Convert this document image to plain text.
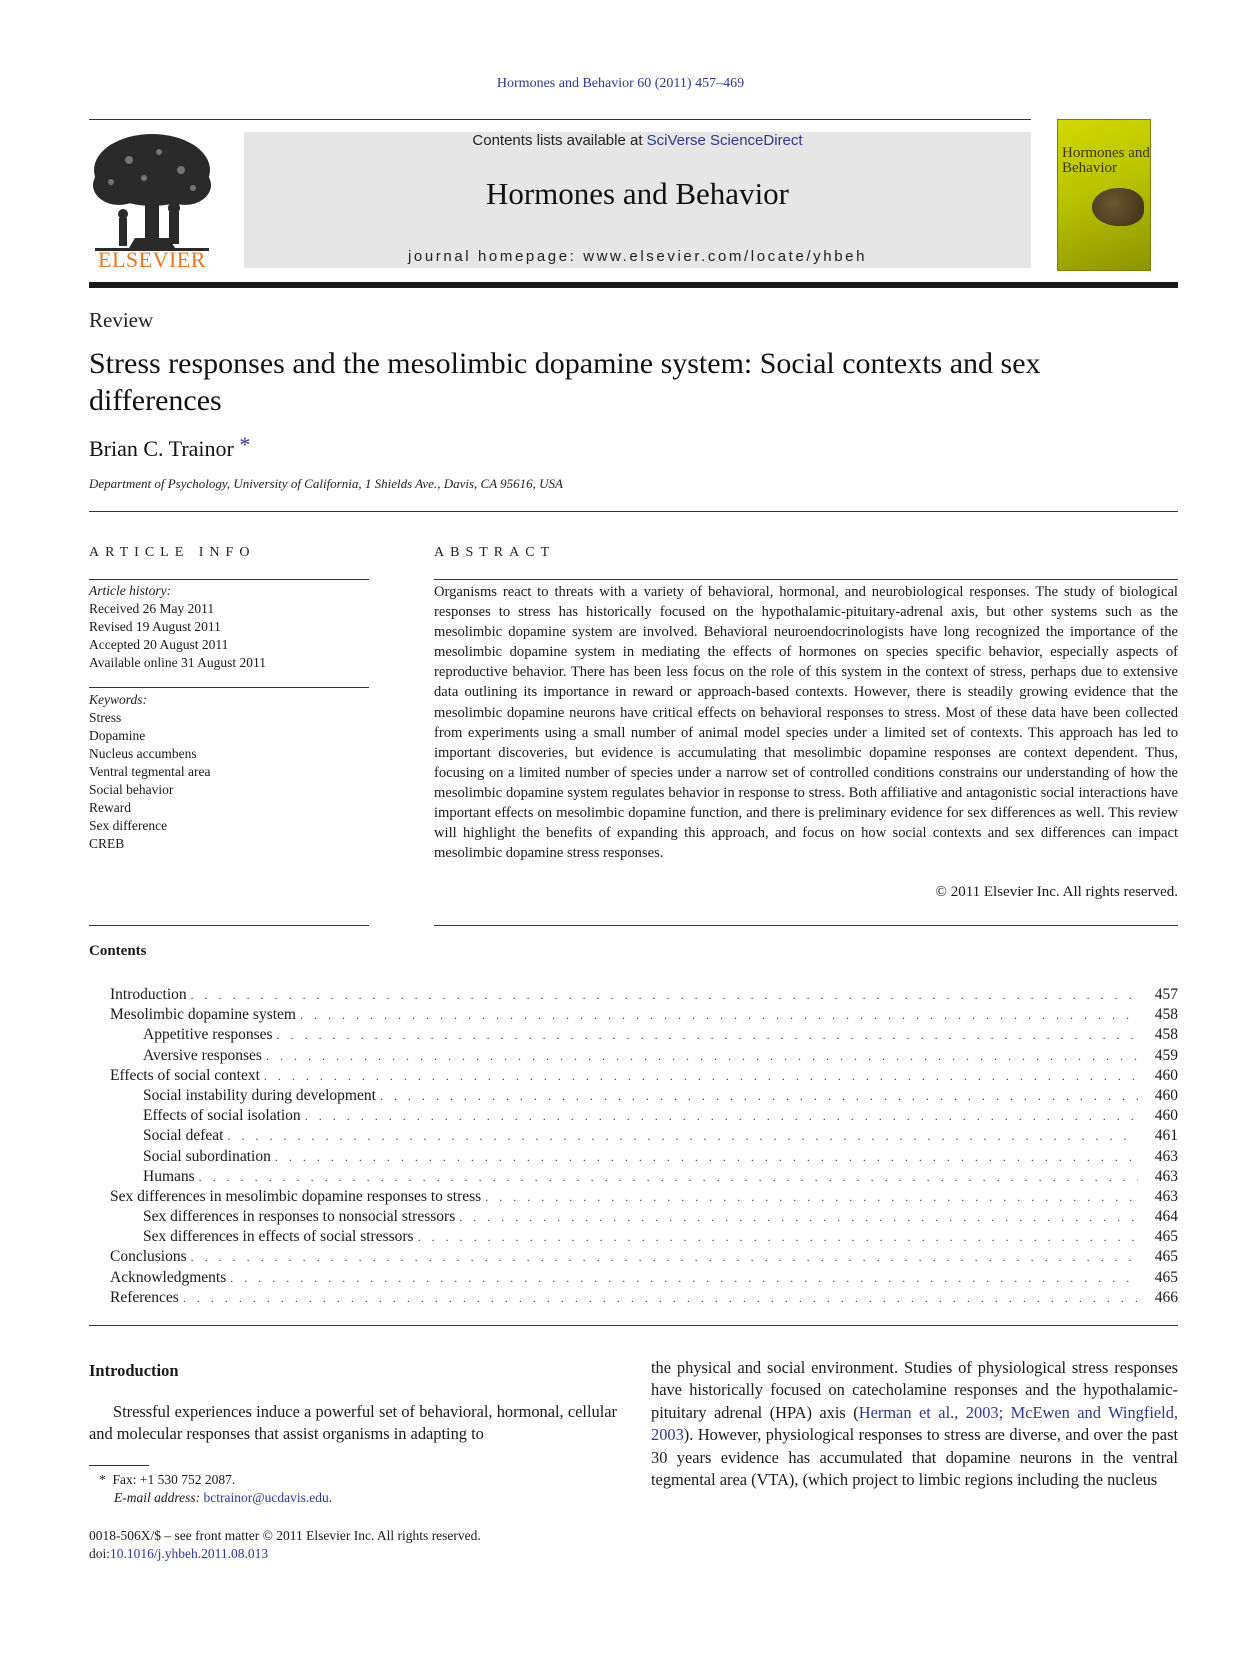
Hormones and Behavior 60 (2011) 457–469
ELSEVIER
Contents lists available at SciVerse ScienceDirect
Hormones and Behavior
journal homepage: www.elsevier.com/locate/yhbeh
Hormones and Behavior
Review
Stress responses and the mesolimbic dopamine system: Social contexts and sex differences
Brian C. Trainor *
Department of Psychology, University of California, 1 Shields Ave., Davis, CA 95616, USA
ARTICLE INFO	ABSTRACT
Article history:
Received 26 May 2011
Revised 19 August 2011
Accepted 20 August 2011
Available online 31 August 2011
Keywords:
Stress
Dopamine
Nucleus accumbens
Ventral tegmental area
Social behavior
Reward
Sex difference
CREB
Organisms react to threats with a variety of behavioral, hormonal, and neurobiological responses. The study of biological responses to stress has historically focused on the hypothalamic-pituitary-adrenal axis, but other systems such as the mesolimbic dopamine system are involved. Behavioral neuroendocrinologists have long recognized the importance of the mesolimbic dopamine system in mediating the effects of hormones on species specific behavior, especially aspects of reproductive behavior. There has been less focus on the role of this system in the context of stress, perhaps due to extensive data outlining its importance in reward or approach-based contexts. However, there is steadily growing evidence that the mesolimbic dopamine neurons have critical effects on behavioral responses to stress. Most of these data have been collected from experiments using a small number of animal model species under a limited set of contexts. This approach has led to important discoveries, but evidence is accumulating that mesolimbic dopamine responses are context dependent. Thus, focusing on a limited number of species under a narrow set of controlled conditions constrains our understanding of how the mesolimbic dopamine system regulates behavior in response to stress. Both affiliative and antagonistic social interactions have important effects on mesolimbic dopamine function, and there is preliminary evidence for sex differences as well. This review will highlight the benefits of expanding this approach, and focus on how social contexts and sex differences can impact mesolimbic dopamine stress responses.
© 2011 Elsevier Inc. All rights reserved.
Contents
Introduction . . .	457
Mesolimbic dopamine system . . .	458
Appetitive responses . . .	458
Aversive responses . . .	459
Effects of social context . . .	460
Social instability during development . . .	460
Effects of social isolation . . .	460
Social defeat . . .	461
Social subordination . . .	463
Humans . . .	463
Sex differences in mesolimbic dopamine responses to stress . . .	463
Sex differences in responses to nonsocial stressors . . .	464
Sex differences in effects of social stressors . . .	465
Conclusions . . .	465
Acknowledgments . . .	465
References . . .	466
Introduction
Stressful experiences induce a powerful set of behavioral, hormonal, cellular and molecular responses that assist organisms in adapting to
the physical and social environment. Studies of physiological stress responses have historically focused on catecholamine responses and the hypothalamic-pituitary adrenal (HPA) axis (Herman et al., 2003; McEwen and Wingfield, 2003). However, physiological responses to stress are diverse, and over the past 30 years evidence has accumulated that dopamine neurons in the ventral tegmental area (VTA), (which project to limbic regions including the nucleus
* Fax: +1 530 752 2087.
E-mail address: bctrainor@ucdavis.edu.
0018-506X/$ – see front matter © 2011 Elsevier Inc. All rights reserved.
doi:10.1016/j.yhbeh.2011.08.013
